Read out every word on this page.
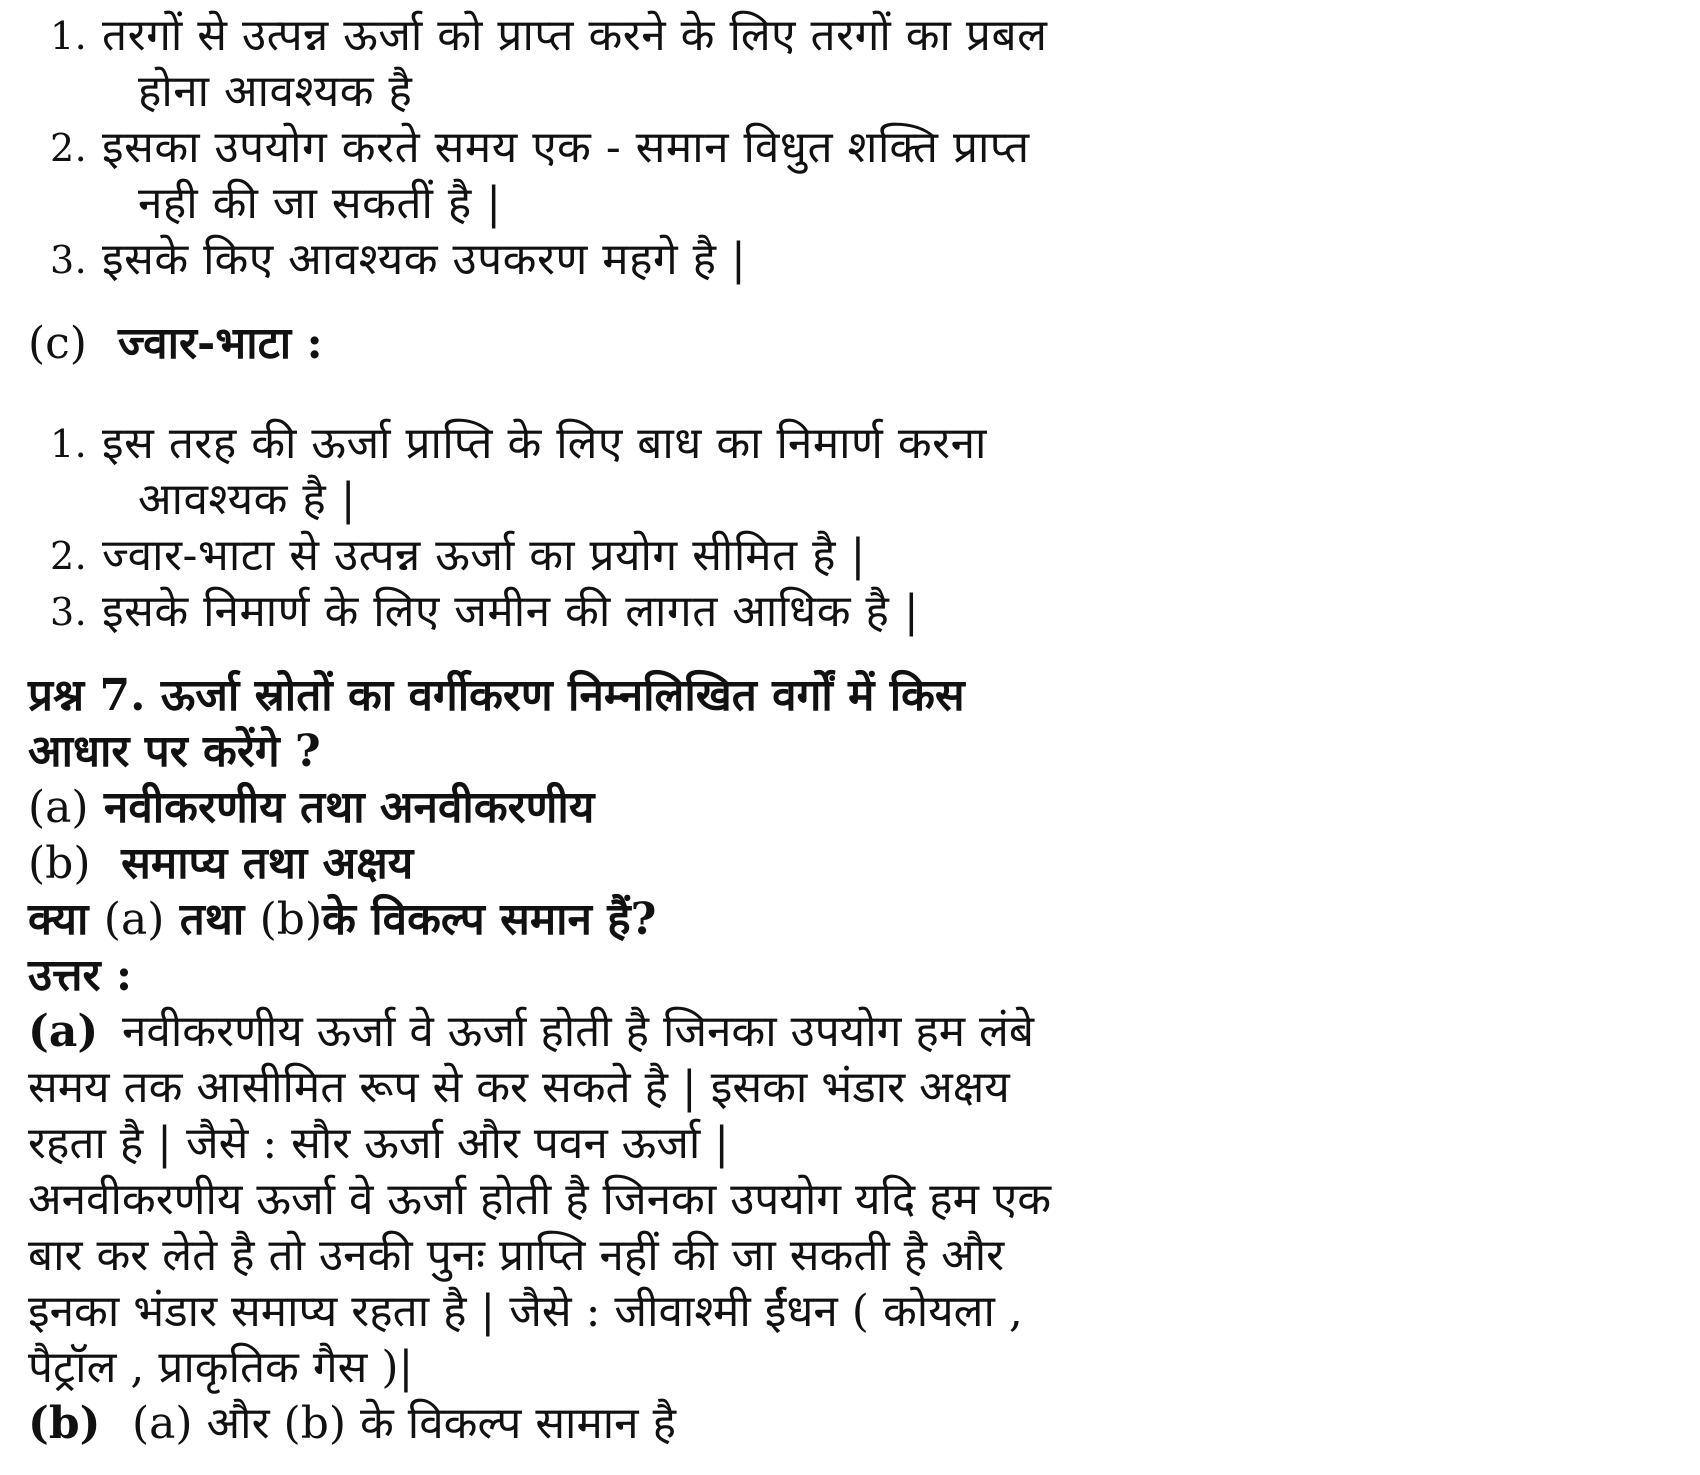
1. तरगों से उत्पन्न ऊर्जा को प्राप्त करने के लिए तरगों का प्रबल
होना आवश्यक है
2. इसका उपयोग करते समय एक - समान विधुत शक्ति प्राप्त
नही की जा सकतीं है |
3. इसके किए आवश्यक उपकरण महगे है |
(c) ज्वार-भाटा :
1. इस तरह की ऊर्जा प्राप्ति के लिए बाध का निमार्ण करना
आवश्यक है |
2. ज्वार-भाटा से उत्पन्न ऊर्जा का प्रयोग सीमित है |
3. इसके निमार्ण के लिए जमीन की लागत आधिक है |
प्रश्न 7. ऊर्जा स्रोतों का वर्गीकरण निम्नलिखित वर्गों में किस
आधार पर करेंगे ?
(a) नवीकरणीय तथा अनवीकरणीय
(b) समाप्य तथा अक्षय
क्या (a) तथा (b)के विकल्प समान हैं?
उत्तर :
(a) नवीकरणीय ऊर्जा वे ऊर्जा होती है जिनका उपयोग हम लंबे
समय तक आसीमित रूप से कर सकते है | इसका भंडार अक्षय
रहता है | जैसे : सौर ऊर्जा और पवन ऊर्जा |
अनवीकरणीय ऊर्जा वे ऊर्जा होती है जिनका उपयोग यदि हम एक
बार कर लेते है तो उनकी पुनः प्राप्ति नहीं की जा सकती है और
इनका भंडार समाप्य रहता है | जैसे : जीवाश्मी ईंधन ( कोयला ,
पैट्रॉल , प्राकृतिक गैस )|
(b) (a) और (b) के विकल्प सामान है
